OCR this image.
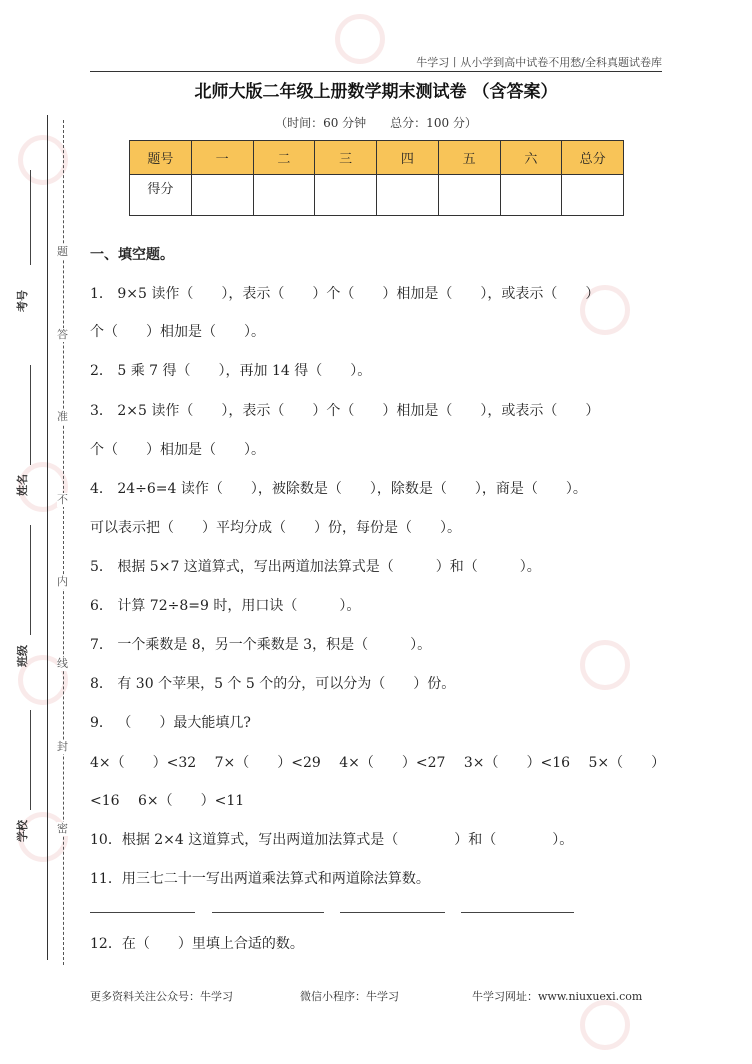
牛学习丨从小学到高中试卷不用愁/全科真题试卷库
北师大版二年级上册数学期末测试卷 （含答案）
（时间：60 分钟　　总分：100 分）
题号	一	二	三	四	五	六	总分
得分							
考号
姓名
班级
学校
题
答
准
不
内
线
封
密
一、填空题。
1． 9×5 读作（　　），表示（　　）个（　　）相加是（　　），或表示（　　）
个（　　）相加是（　　）。
2． 5 乘 7 得（　　），再加 14 得（　　）。
3． 2×5 读作（　　），表示（　　）个（　　）相加是（　　），或表示（　　）
个（　　）相加是（　　）。
4． 24÷6=4 读作（　　），被除数是（　　），除数是（　　），商是（　　）。
可以表示把（　　）平均分成（　　）份，每份是（　　）。
5． 根据 5×7 这道算式，写出两道加法算式是（　　　）和（　　　）。
6． 计算 72÷8=9 时，用口诀（　　　）。
7． 一个乘数是 8，另一个乘数是 3，积是（　　　）。
8． 有 30 个苹果，5 个 5 个的分，可以分为（　　）份。
9． （　　）最大能填几?
4×（　　）<32　 7×（　　）<29　 4×（　　）<27　 3×（　　）<16　 5×（　　）
<16　 6×（　　）<11
10．根据 2×4 这道算式，写出两道加法算式是（　　　　）和（　　　　）。
11．用三七二十一写出两道乘法算式和两道除法算数。
12．在（　　）里填上合适的数。
更多资料关注公众号：牛学习	微信小程序：牛学习	牛学习网址：www.niuxuexi.com
